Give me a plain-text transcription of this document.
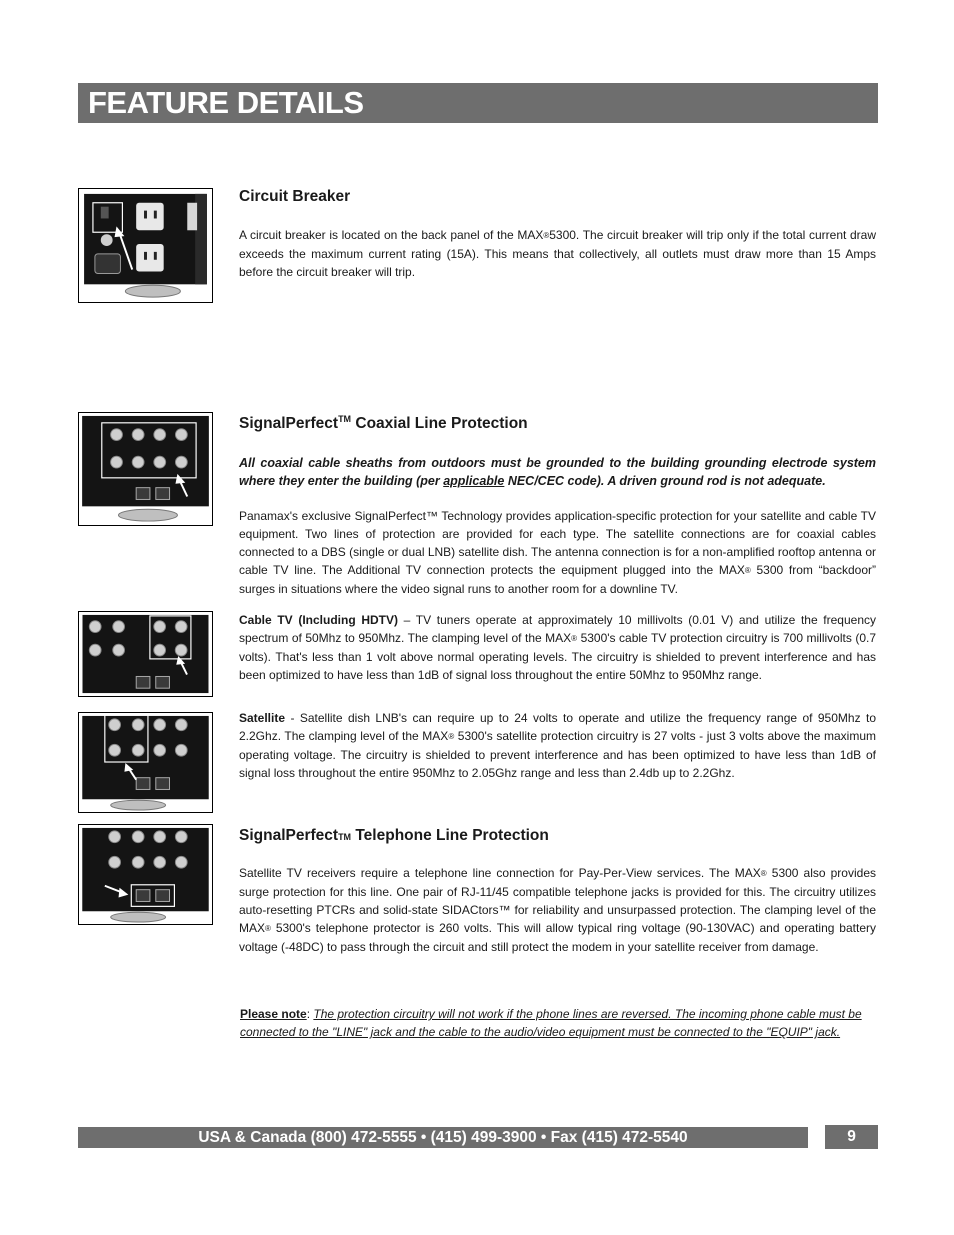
FEATURE DETAILS
Circuit Breaker

A circuit breaker is located on the back panel of the MAX®5300. The circuit breaker will trip only if the total current draw exceeds the maximum current rating (15A). This means that collectively, all outlets must draw more than 15 Amps before the circuit breaker will trip.

SignalPerfect™ Coaxial Line Protection

All coaxial cable sheaths from outdoors must be grounded to the building grounding electrode system where they enter the building (per applicable NEC/CEC code). A driven ground rod is not adequate.

Panamax's exclusive SignalPerfect™ Technology provides application-specific protection for your satellite and cable TV equipment. Two lines of protection are provided for each type. The satellite connections are for coaxial cables connected to a DBS (single or dual LNB) satellite dish. The antenna connection is for a non-amplified rooftop antenna or cable TV line. The Additional TV connection protects the equipment plugged into the MAX® 5300 from “backdoor” surges in situations where the video signal runs to another room for a downline TV.

Cable TV (Including HDTV) – TV tuners operate at approximately 10 millivolts (0.01 V) and utilize the frequency spectrum of 50Mhz to 950Mhz. The clamping level of the MAX® 5300's cable TV protection circuitry is 700 millivolts (0.7 volts). That's less than 1 volt above normal operating levels. The circuitry is shielded to prevent interference and has been optimized to have less than 1dB of signal loss throughout the entire 50Mhz to 950Mhz range.

Satellite - Satellite dish LNB's can require up to 24 volts to operate and utilize the frequency range of 950Mhz to 2.2Ghz. The clamping level of the MAX® 5300's satellite protection circuitry is 27 volts - just 3 volts above the maximum operating voltage. The circuitry is shielded to prevent interference and has been optimized to have less than 1dB of signal loss throughout the entire 950Mhz to 2.05Ghz range and less than 2.4db up to 2.2Ghz.

SignalPerfectTM Telephone Line Protection

Satellite TV receivers require a telephone line connection for Pay-Per-View services. The MAX® 5300 also provides surge protection for this line. One pair of RJ-11/45 compatible telephone jacks is provided for this. The circuitry utilizes auto-resetting PTCRs and solid-state SIDACtors™ for reliability and unsurpassed protection. The clamping level of the MAX® 5300's telephone protector is 260 volts. This will allow typical ring voltage (90-130VAC) and operating battery voltage (-48DC) to pass through the circuit and still protect the modem in your satellite receiver from damage.

Please note: The protection circuitry will not work if the phone lines are reversed. The incoming phone cable must be connected to the "LINE" jack and the cable to the audio/video equipment must be connected to the "EQUIP" jack.

USA & Canada (800) 472-5555 • (415) 499-3900 • Fax (415) 472-5540	9
